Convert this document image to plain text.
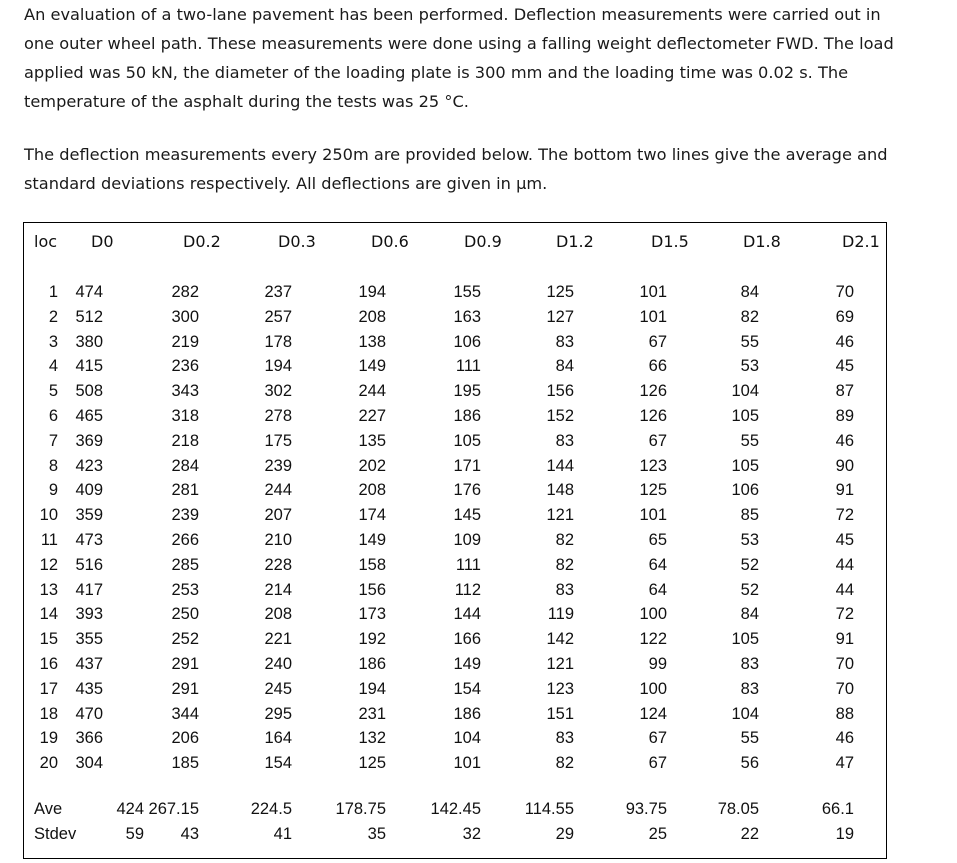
An evaluation of a two-lane pavement has been performed. Deflection measurements were carried out in one outer wheel path. These measurements were done using a falling weight deflectometer FWD. The load applied was 50 kN, the diameter of the loading plate is 300 mm and the loading time was 0.02 s. The temperature of the asphalt during the tests was 25 °C.

The deflection measurements every 250m are provided below. The bottom two lines give the average and standard deviations respectively. All deflections are given in µm.

loc D0	D0.2	D0.3	D0.6	D0.9	D1.2	D1.5	D1.8	D2.1
1 474	282	237	194	155	125	101	84	70
2 512	300	257	208	163	127	101	82	69
3 380	219	178	138	106	83	67	55	46
4 415	236	194	149	111	84	66	53	45
5 508	343	302	244	195	156	126	104	87
6 465	318	278	227	186	152	126	105	89
7 369	218	175	135	105	83	67	55	46
8 423	284	239	202	171	144	123	105	90
9 409	281	244	208	176	148	125	106	91
10 359	239	207	174	145	121	101	85	72
11 473	266	210	149	109	82	65	53	45
12 516	285	228	158	111	82	64	52	44
13 417	253	214	156	112	83	64	52	44
14 393	250	208	173	144	119	100	84	72
15 355	252	221	192	166	142	122	105	91
16 437	291	240	186	149	121	99	83	70
17 435	291	245	194	154	123	100	83	70
18 470	344	295	231	186	151	124	104	88
19 366	206	164	132	104	83	67	55	46
20 304	185	154	125	101	82	67	56	47
Ave	424 267.15	224.5	178.75	142.45	114.55	93.75	78.05	66.1
Stdev	59 43	41	35	32	29	25	22	19
